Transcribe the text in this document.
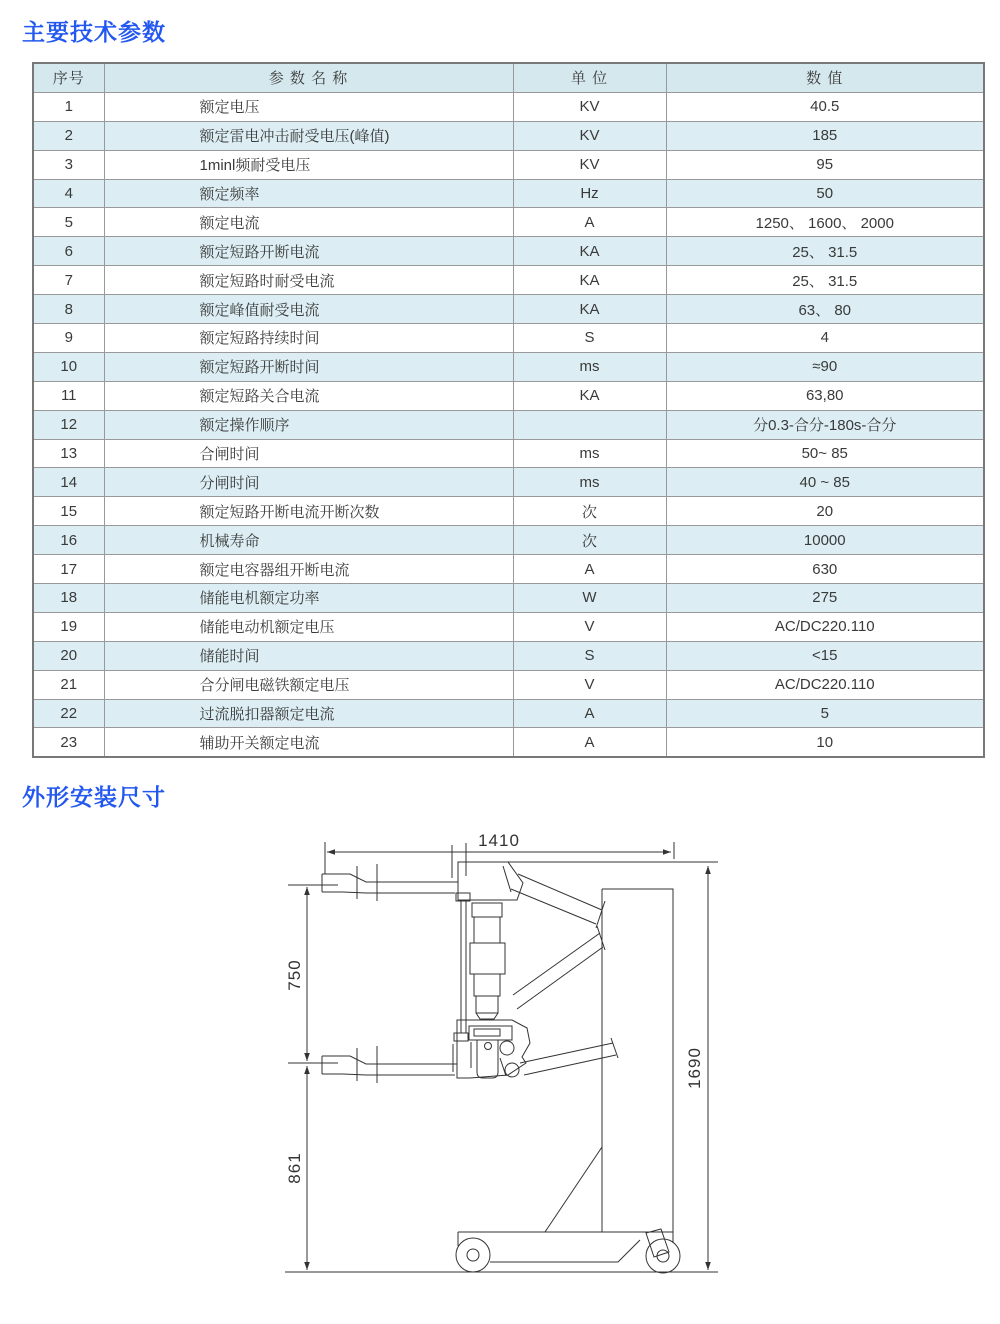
主要技术参数
序号	参 数 名 称	单 位	数 值
1	额定电压	KV	40.5
2	额定雷电冲击耐受电压(峰值)	KV	185
3	1minl频耐受电压	KV	95
4	额定频率	Hz	50
5	额定电流	A	1250、 1600、 2000
6	额定短路开断电流	KA	25、 31.5
7	额定短路时耐受电流	KA	25、 31.5
8	额定峰值耐受电流	KA	63、 80
9	额定短路持续时间	S	4
10	额定短路开断时间	ms	≈90
11	额定短路关合电流	KA	63,80
12	额定操作顺序		分0.3-合分-180s-合分
13	合闸时间	ms	50~ 85
14	分闸时间	ms	40 ~ 85
15	额定短路开断电流开断次数	次	20
16	机械寿命	次	10000
17	额定电容器组开断电流	A	630
18	储能电机额定功率	W	275
19	储能电动机额定电压	V	AC/DC220.110
20	储能时间	S	<15
21	合分闸电磁铁额定电压	V	AC/DC220.110
22	过流脱扣器额定电流	A	5
23	辅助开关额定电流	A	10
外形安装尺寸
1410
750
861
1690
